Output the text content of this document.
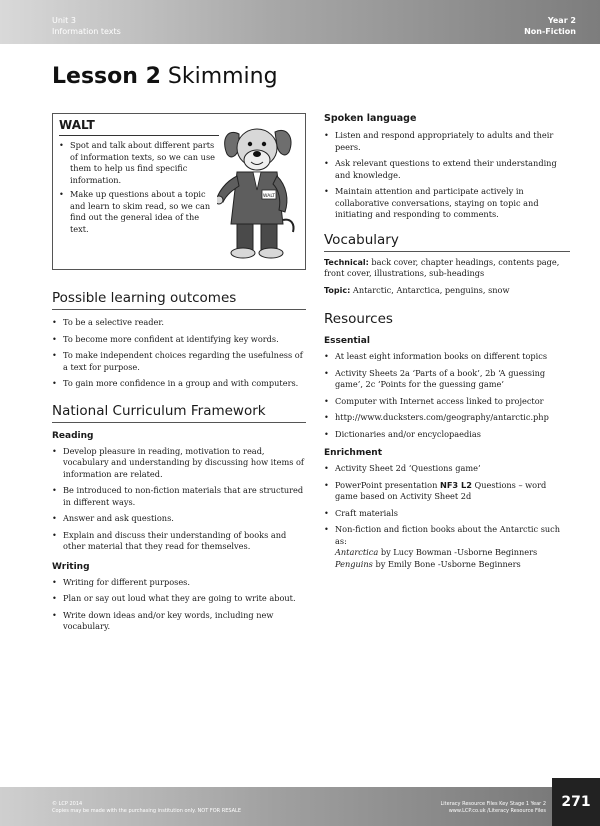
Unit 3
Information texts
Year 2
Non-Fiction
Lesson 2 Skimming
WALT
• Spot and talk about different parts of information texts, so we can use them to help us find specific information.
• Make up questions about a topic and learn to skim read, so we can find out the general idea of the text.
WALT
Possible learning outcomes
• To be a selective reader.
• To become more confident at identifying key words.
• To make independent choices regarding the usefulness of a text for purpose.
• To gain more confidence in a group and with computers.
National Curriculum Framework
Reading
• Develop pleasure in reading, motivation to read, vocabulary and understanding by discussing how items of information are related.
• Be introduced to non-fiction materials that are structured in different ways.
• Answer and ask questions.
• Explain and discuss their understanding of books and other material that they read for themselves.
Writing
• Writing for different purposes.
• Plan or say out loud what they are going to write about.
• Write down ideas and/or key words, including new vocabulary.
Spoken language
• Listen and respond appropriately to adults and their peers.
• Ask relevant questions to extend their understanding and knowledge.
• Maintain attention and participate actively in collaborative conversations, staying on topic and initiating and responding to comments.
Vocabulary

Technical: back cover, chapter headings, contents page, front cover, illustrations, sub-headings

Topic: Antarctic, Antarctica, penguins, snow

Resources
Essential
• At least eight information books on different topics
• Activity Sheets 2a ‘Parts of a book’, 2b ‘A guessing game’, 2c ‘Points for the guessing game’
• Computer with Internet access linked to projector
• http://www.ducksters.com/geography/antarctic.php
• Dictionaries and/or encyclopaedias
Enrichment
• Activity Sheet 2d ‘Questions game’
• PowerPoint presentation NF3 L2 Questions – word game based on Activity Sheet 2d
• Craft materials
• Non-fiction and fiction books about the Antarctic such as:
Antarctica by Lucy Bowman -Usborne Beginners
Penguins by Emily Bone -Usborne Beginners
© LCP 2014
Copies may be made with the purchasing institution only. NOT FOR RESALE
Literacy Resource Files Key Stage 1 Year 2
www.LCP.co.uk /Literacy Resource Files
271
